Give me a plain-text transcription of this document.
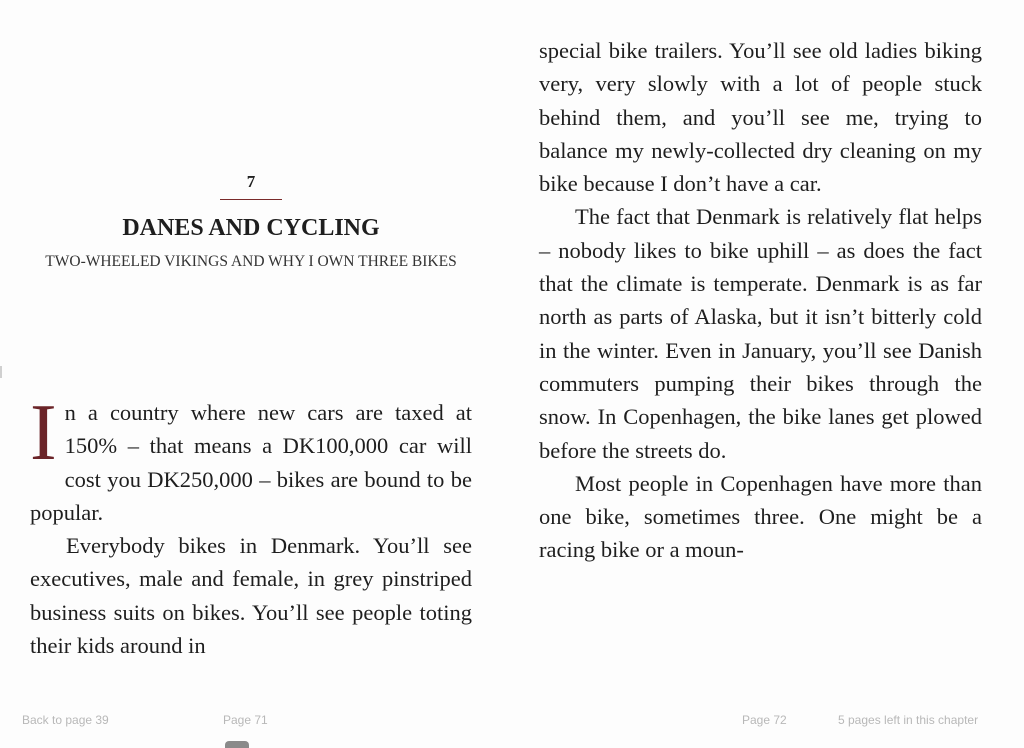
7
DANES AND CYCLING
TWO-WHEELED VIKINGS AND WHY I OWN THREE BIKES

In a country where new cars are taxed at 150% – that means a DK100,000 car will cost you DK250,000 – bikes are bound to be popular.

Everybody bikes in Denmark. You’ll see executives, male and female, in grey pinstriped business suits on bikes. You’ll see people toting their kids around in

special bike trailers. You’ll see old ladies biking very, very slowly with a lot of people stuck behind them, and you’ll see me, trying to balance my newly-collected dry cleaning on my bike because I don’t have a car.

The fact that Denmark is relatively flat helps – nobody likes to bike uphill – as does the fact that the climate is temperate. Denmark is as far north as parts of Alaska, but it isn’t bitterly cold in the winter. Even in January, you’ll see Danish commuters pumping their bikes through the snow. In Copenhagen, the bike lanes get plowed before the streets do.

Most people in Copenhagen have more than one bike, sometimes three. One might be a racing bike or a moun-

Back to page 39	Page 71	Page 72	5 pages left in this chapter
